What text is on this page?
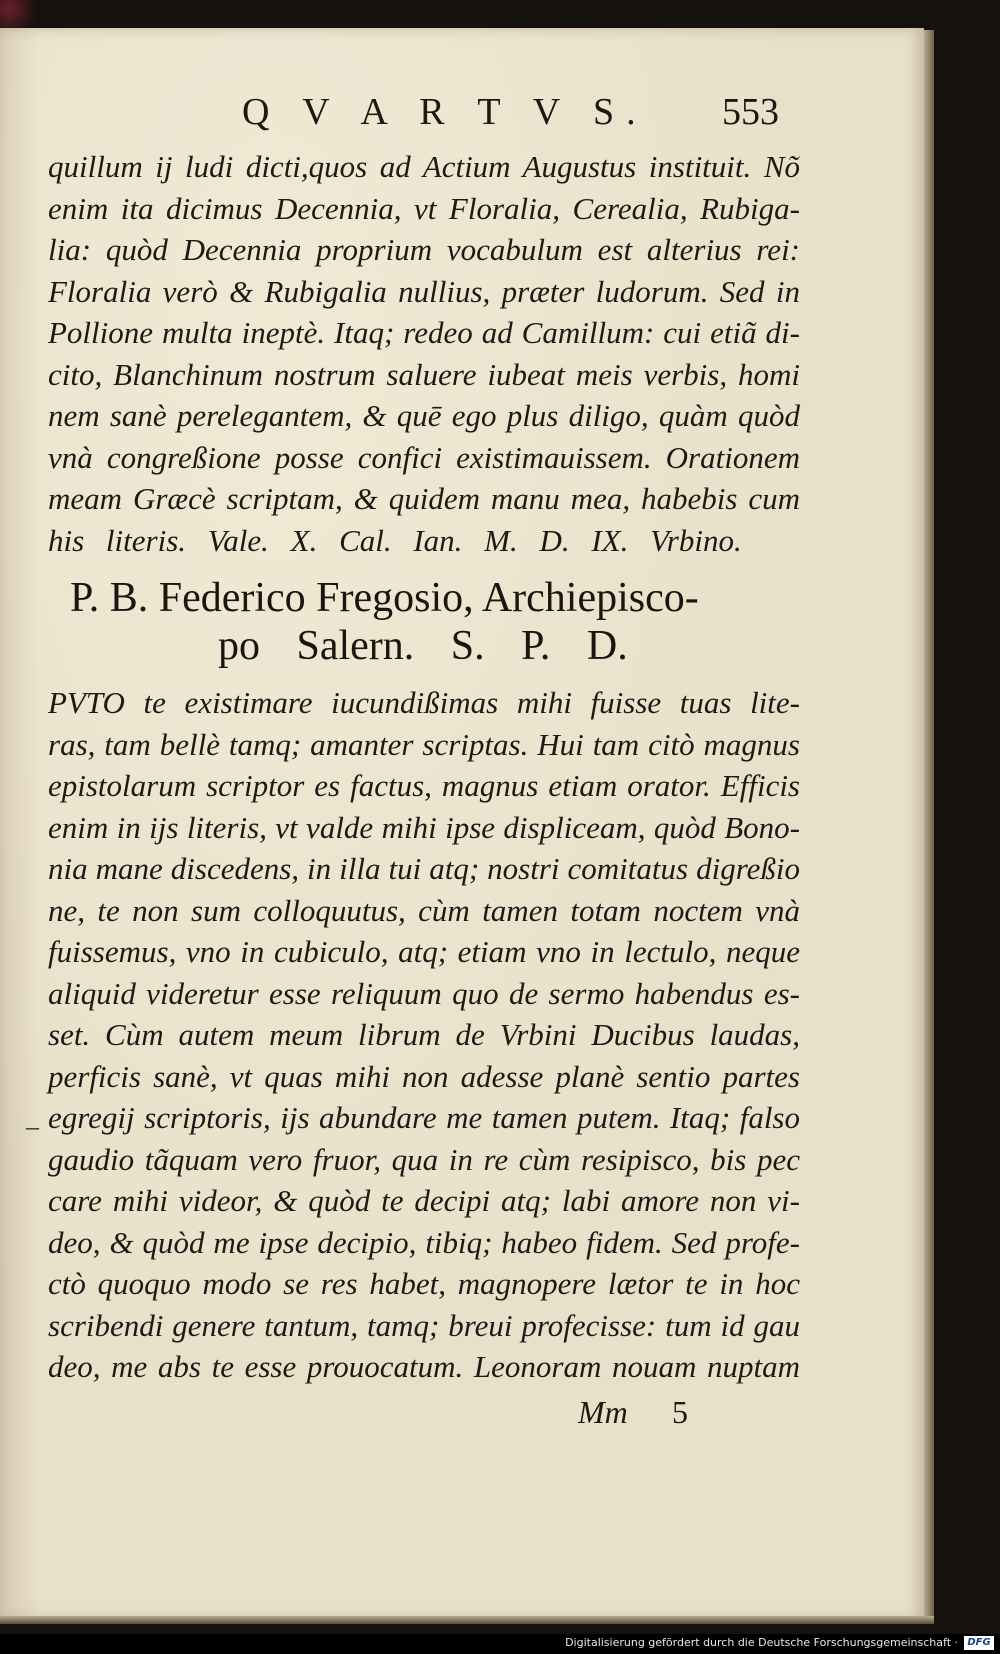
Q V A R T V S. 553
quillum ij ludi dicti,quos ad Actium Augustus instituit. Nõ
enim ita dicimus Decennia, vt Floralia, Cerealia, Rubiga-
lia: quòd Decennia proprium vocabulum est alterius rei:
Floralia verò & Rubigalia nullius, præter ludorum. Sed in
Pollione multa ineptè. Itaq; redeo ad Camillum: cui etiã di-
cito, Blanchinum nostrum saluere iubeat meis verbis, homi
nem sanè perelegantem, & quē ego plus diligo, quàm quòd
vnà congreßione posse confici existimauissem. Orationem
meam Græcè scriptam, & quidem manu mea, habebis cum
his literis. Vale. X. Cal. Ian. M. D. IX. Vrbino.
P. B. Federico Fregosio, Archiepisco-
po Salern. S. P. D.
PVTO te existimare iucundißimas mihi fuisse tuas lite-
ras, tam bellè tamq; amanter scriptas. Hui tam citò magnus
epistolarum scriptor es factus, magnus etiam orator. Efficis
enim in ijs literis, vt valde mihi ipse displiceam, quòd Bono-
nia mane discedens, in illa tui atq; nostri comitatus digreßio
ne, te non sum colloquutus, cùm tamen totam noctem vnà
fuissemus, vno in cubiculo, atq; etiam vno in lectulo, neque
aliquid videretur esse reliquum quo de sermo habendus es-
set. Cùm autem meum librum de Vrbini Ducibus laudas,
perficis sanè, vt quas mihi non adesse planè sentio partes
egregij scriptoris, ijs abundare me tamen putem. Itaq; falso
gaudio tãquam vero fruor, qua in re cùm resipisco, bis pec
care mihi videor, & quòd te decipi atq; labi amore non vi-
deo, & quòd me ipse decipio, tibiq; habeo fidem. Sed profe-
ctò quoquo modo se res habet, magnopere lætor te in hoc
scribendi genere tantum, tamq; breui profecisse: tum id gau
deo, me abs te esse prouocatum. Leonoram nouam nuptam
–
Mm 5
Digitalisierung gefördert durch die Deutsche Forschungsgemeinschaft · DFG
